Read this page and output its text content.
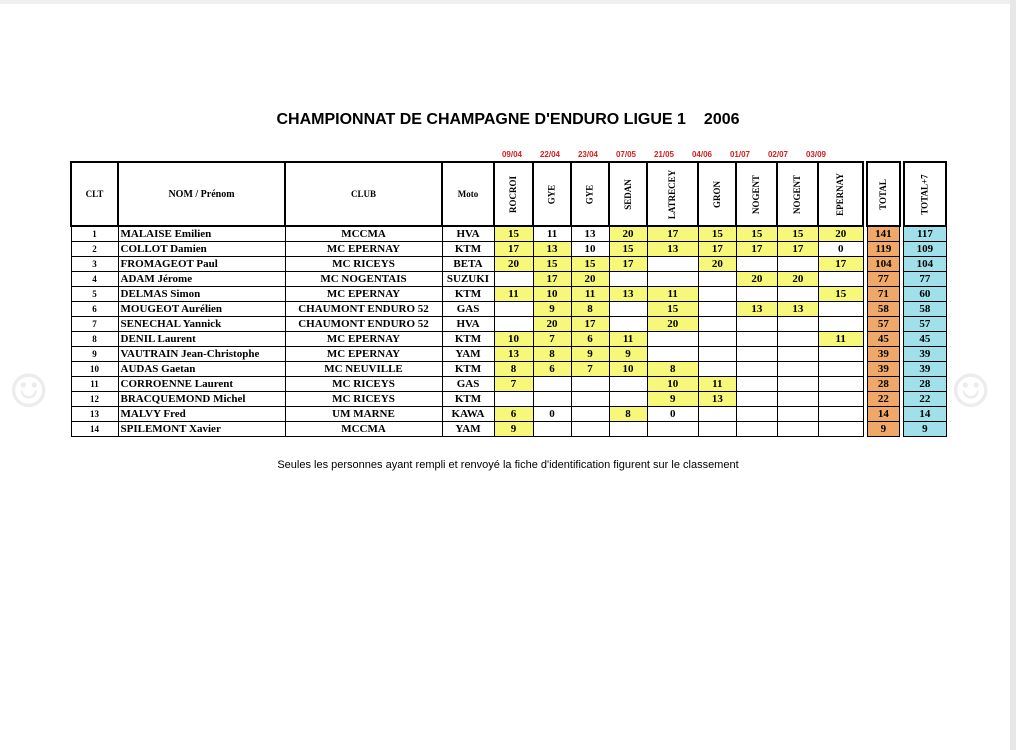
☺	☺
CHAMPIONNAT DE CHAMPAGNE D'ENDURO LIGUE 1 2006
09/04	22/04	23/04	07/05	21/05	04/06	01/07	02/07	03/09
CLT	NOM / Prénom	CLUB	Moto	ROCROI	GYE	GYE	SEDAN	LATRECEY	GRON	NOGENT	NOGENT	EPERNAY		TOTAL		TOTAL+7
1	MALAISE Emilien	MCCMA	HVA	15	11	13	20	17	15	15	15	20		141		117
2	COLLOT Damien	MC EPERNAY	KTM	17	13	10	15	13	17	17	17	0		119		109
3	FROMAGEOT Paul	MC RICEYS	BETA	20	15	15	17		20			17		104		104
4	ADAM Jérome	MC NOGENTAIS	SUZUKI		17	20				20	20			77		77
5	DELMAS Simon	MC EPERNAY	KTM	11	10	11	13	11				15		71		60
6	MOUGEOT Aurélien	CHAUMONT ENDURO 52	GAS		9	8		15		13	13			58		58
7	SENECHAL Yannick	CHAUMONT ENDURO 52	HVA		20	17		20						57		57
8	DENIL Laurent	MC EPERNAY	KTM	10	7	6	11					11		45		45
9	VAUTRAIN Jean-Christophe	MC EPERNAY	YAM	13	8	9	9							39		39
10	AUDAS Gaetan	MC NEUVILLE	KTM	8	6	7	10	8						39		39
11	CORROENNE Laurent	MC RICEYS	GAS	7				10	11					28		28
12	BRACQUEMOND Michel	MC RICEYS	KTM					9	13					22		22
13	MALVY Fred	UM MARNE	KAWA	6	0		8	0						14		14
14	SPILEMONT Xavier	MCCMA	YAM	9										9		9
Seules les personnes ayant rempli et renvoyé la fiche d'identification figurent sur le classement
